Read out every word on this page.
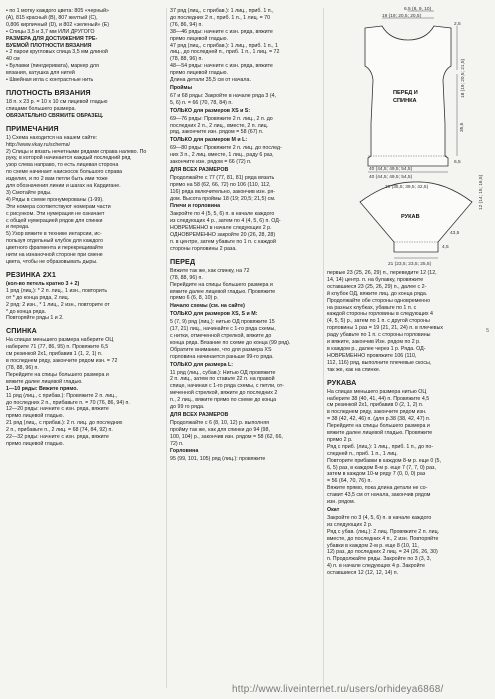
• по 1 мотку каждого цвета: 805 «черный»
(A), 815 красный (B), 807 желтый (C),
0,806 кирпичный (D), и 802 «зеленый» (E)
• Спицы 3,5 и 3,7 мм ИЛИ ДРУГОГО
РАЗМЕРА ДЛЯ ДОСТИЖЕНИЯ ТРЕ-
БУЕМОЙ ПЛОТНОСТИ ВЯЗАНИЯ
• 2 парои кругловых спица 3,5 мм длиной
40 см
• Булавки (пингдеривата), маркер для
вязания, катушка для нитей
• Швейная игла с контрастные нить
ПЛОТНОСТЬ ВЯЗАНИЯ
18 п. x 23 р. = 10 x 10 см лицевой гладью
спицами большего размера.
ОБЯЗАТЕЛЬНО СВЯЖИТЕ ОБРАЗЕЦ.
ПРИМЕЧАНИЯ
1) Схема находится на нашем сайте:
http://www.vkay.ru/schema/
2) Спицы и вязать нечетными рядами справа налево. По
руку, в которой начинается каждый последний ряд
узор слева направо, то есть лицевая сторона
по схеме начинает наискосок большого справа
изделия, и по 2 вам петли быть ими тоже
для обозначения линии и шагах на Кардигане.
3) Смотайте ряды.
4) Ряды в схеме пронумерованы (1-99).
Эти номера соответствуют номерам части
с рисунком. Эти нумерация не означает
с общей нумерацией рядов для спинки
и переда.
5) Узор вяжите в технике интарсии, ис-
пользуя отдельный клубок для каждого
цветного фрагмента и перекрещивайте
нити на изнаночной стороне при смене
цвета, чтобы не образовывать дыры.
РЕЗИНКА 2Х1
(кол-во петель кратно 3 + 2)
1 ряд (лиц.): * 2 п. лиц., 1 изн., повторить
от * до конца ряда, 2 лиц.
2 ряд: 2 изн., * 1 лиц., 2 изн., повторите от
* до конца ряда.
Повторяйте ряды 1 и 2.
СПИНКА
На спицах меньшего размера наберите ОЦ
наберите 71 (77, 86, 95) п. Провяжите 6,5
см резинкой 2х1, прибавив 1 (1, 2, 1) п.
в последнем ряду, закончите рядом изн. = 72
(78, 88, 96) п.
Перейдите на спицы большего размера и
вяжите далее лицевой гладью.
1—10 ряды: Вяжите прямо.
11 ряд (лиц., с прибав.): Провяжите 2 п. лиц.,
до последних 2 п., прибавьте п. = 70 (76, 86, 94) п.
12—20 ряды: начните с изн. ряда, вяжите
прямо лицевой гладью.
21 ряд (лиц., с прибав.): 2 п. лиц. до последних
2 п., прибавьте п., 2 лиц. = 68 (74, 84, 92) п.
22—32 ряды: начните с изн. ряда, вяжите
прямо лицевой гладью.
37 ряд (лиц., с прибав.): 1 лиц., приб. 1 п.,
до последних 2 п., приб. 1 п., 1 лиц. = 70
(76, 86, 94) п.
38—46 ряды: начните с изн. ряда, вяжите
прямо лицевой гладью.
47 ряд (лиц., с прибав.): 1 лиц., приб. 1 п., 1
лиц., до последней п., приб. 1 п., 1 лиц. = 72
(78, 88, 96) п.
48—54 ряды: начните с изн. ряда, вяжите
прямо лицевой гладью.
Длина детали 35,5 см от начала.
Проймы
67 и 68 ряды: Закройте в начале ряда 3 (4,
5, 6) п. = 66 (70, 78, 84) п.
ТОЛЬКО для размеров XS и S:
69—76 ряды: Провяжите 2 п. лиц., 2 п. до
последних 2 п., 2 лиц., вместе, 2 п. лиц.
ряд, закончите изн. рядом = 58 (67) п.
ТОЛЬКО для размеров M и L:
69—80 ряды: Провяжите 2 п. лиц. до послед-
них 3 п., 2 лиц. вместе, 1 лиц., раду 6 раз,
закончите изн. рядом = 66 (72) п.
ДЛЯ ВСЕХ РАЗМЕРОВ
Продолжайте с 77 (77, 81, 81) ряда вязать
прямо на 58 (62, 66, 72) по 106 (110, 112,
116) ряда включительно, закончив изн. ря-
дом. Высота проймы 18 (19; 20,5; 21,5) см.
Плечи и горловина
Закройте по 4 (5, 5, 6) п. в начале каждого
из следующих 4 р., затем по 4 (4, 5, 6) п. ОД-
НОВРЕМЕННО в начале следующих 2 р.
ОДНОВРЕМЕННО закройте 20 (26, 28, 28)
п. в центре, затем убавьте по 1 п. с каждой
стороны горловины 2 раза.
ПЕРЕД
Вяжите так же, как спинку, на 72
(78, 88, 96) п.
Перейдите на спицы большего размера и
вяжите далее лицевой гладью. Провяжите
прямо 6 (6, 8, 10) р.
Начало схемы (см. на сайте)
ТОЛЬКО для размеров XS, S и M:
5 (7, 9) ряд (лиц.): нитью ОД провяжите 15
(17, 21) лиц., начинайте с 1-го ряда схемы,
с нитки, отмеченной стрелкой, вяжите до
конца ряда. Вязание по схеме до конца (99 ряд).
Обратите внимание, что для размера XS
горловина начинается раньше 99-го ряда.
ТОЛЬКО для размера L:
11 ряд (лиц., субав.): Нитью ОД провяжите
2 п. лиц., затем по ставьте 22 п. на правой
спице, начиная с 1-го ряда схемы, с петли, от-
меченной стрелкой, вяжите до последних 2
п., 2 лиц., вяжите прямо по схеме до конца
до 99 го ряда.
ДЛЯ ВСЕХ РАЗМЕРОВ
Продолжайте с 6 (8, 10, 12) р. выполняя
пройму так же, как для спинки до 94 (98,
100, 104) р., закончив изн. рядом = 58 (62, 66,
72) п.
Горловина
95 (99, 101, 105) ряд (лиц.): провяжите
6,5 (8, 9, 10)
19 (19; 20,5; 20,5)
2,5
18 (19; 20,5; 21,5)
ПЕРЕД И
СПИНКА
35,5
6,5
40 (44,5; 49,5; 54,5)
40 (44,5; 49,5; 54,5)
30 (35,5; 39,5; 42,5)	12 (14; 15; 16,5)
РУКАВ
43,5
4,5
21 (23,5; 23,5; 25,5)
первые 23 (25, 26, 29) п., переведите 12 (12,
14, 14) центр. п. на булавку, провяжите
оставшиеся 23 (25, 26, 29) п., далее с 2-
й клубок ОД, вяжите лиц. до конца ряда.
Продолжайте обе стороны одновременно
на разных клубках, убавьте по 1 п. с
каждой стороны горловины в следующих 4
(4, 5, 5) р., затем по 1 п. с другой стороны
горловины 1 раз = 19 (21, 21, 24) п. в плечевых
раду убавьте по 1 п. с стороны горловины
и вяжите, закончив Изн. рядом по 2 р.
в каждом р., далее через 1 р. Ряда. ОД-
НОВРЕМЕННО провяжите 106 (110,
112, 116) ряд, выполните плечевые скосы,
так же, как на спинке.
РУКАВА
На спицах меньшего размера нитью ОЦ
наберите 38 (40, 41, 44) п. Провяжите 4,5
см резинкой 2х1, прибавив 0 (2, 1, 2) п.
в последнем ряду, закончите рядом изн.
= 38 (42, 42, 46) п. (для р.38 (38, 42, 47) п.
Перейдите на спицы большего размера и
вяжите далее лицевой гладью. Провяжите
прямо 2 р.
Ряд с приб. (лиц.): 1 лиц., приб. 1 п., до по-
следней п., приб. 1 п., 1 лиц.
Повторите прибавки в каждом 8-м р. еще 0 (5,
6, 5) раз, в каждом 8-м р. еще 7 (7, 7, 0) раз,
затем в каждом 10-м ряду 7 (0, 0, 0) раз
= 56 (64, 70, 76) п.
Вяжите прямо, пока длина детали не со-
ставит 43,5 см от начала, закончив рядом
изн. рядом.
Окат
Закройте по 3 (4, 5, 6) п. в начале каждого
из следующих 2 р.
Ряд с убав. (лиц.): 2 лиц. Провяжите 2 п. лиц.
вместе, до последних 4 п., 2 изн. Повторяйте
убавки в каждом 2-м р. еще 8 (10, 11,
12) раз, до последних 2 лиц. = 24 (26, 26, 30)
п. Продолжайте ряды. Закройте по 3 (3, 3,
4) п. в начале следующих 4 р. Закройте
оставшиеся 12 (12, 12, 14) п.
5
http://www.liveinternet.ru/users/orhideya6868/
